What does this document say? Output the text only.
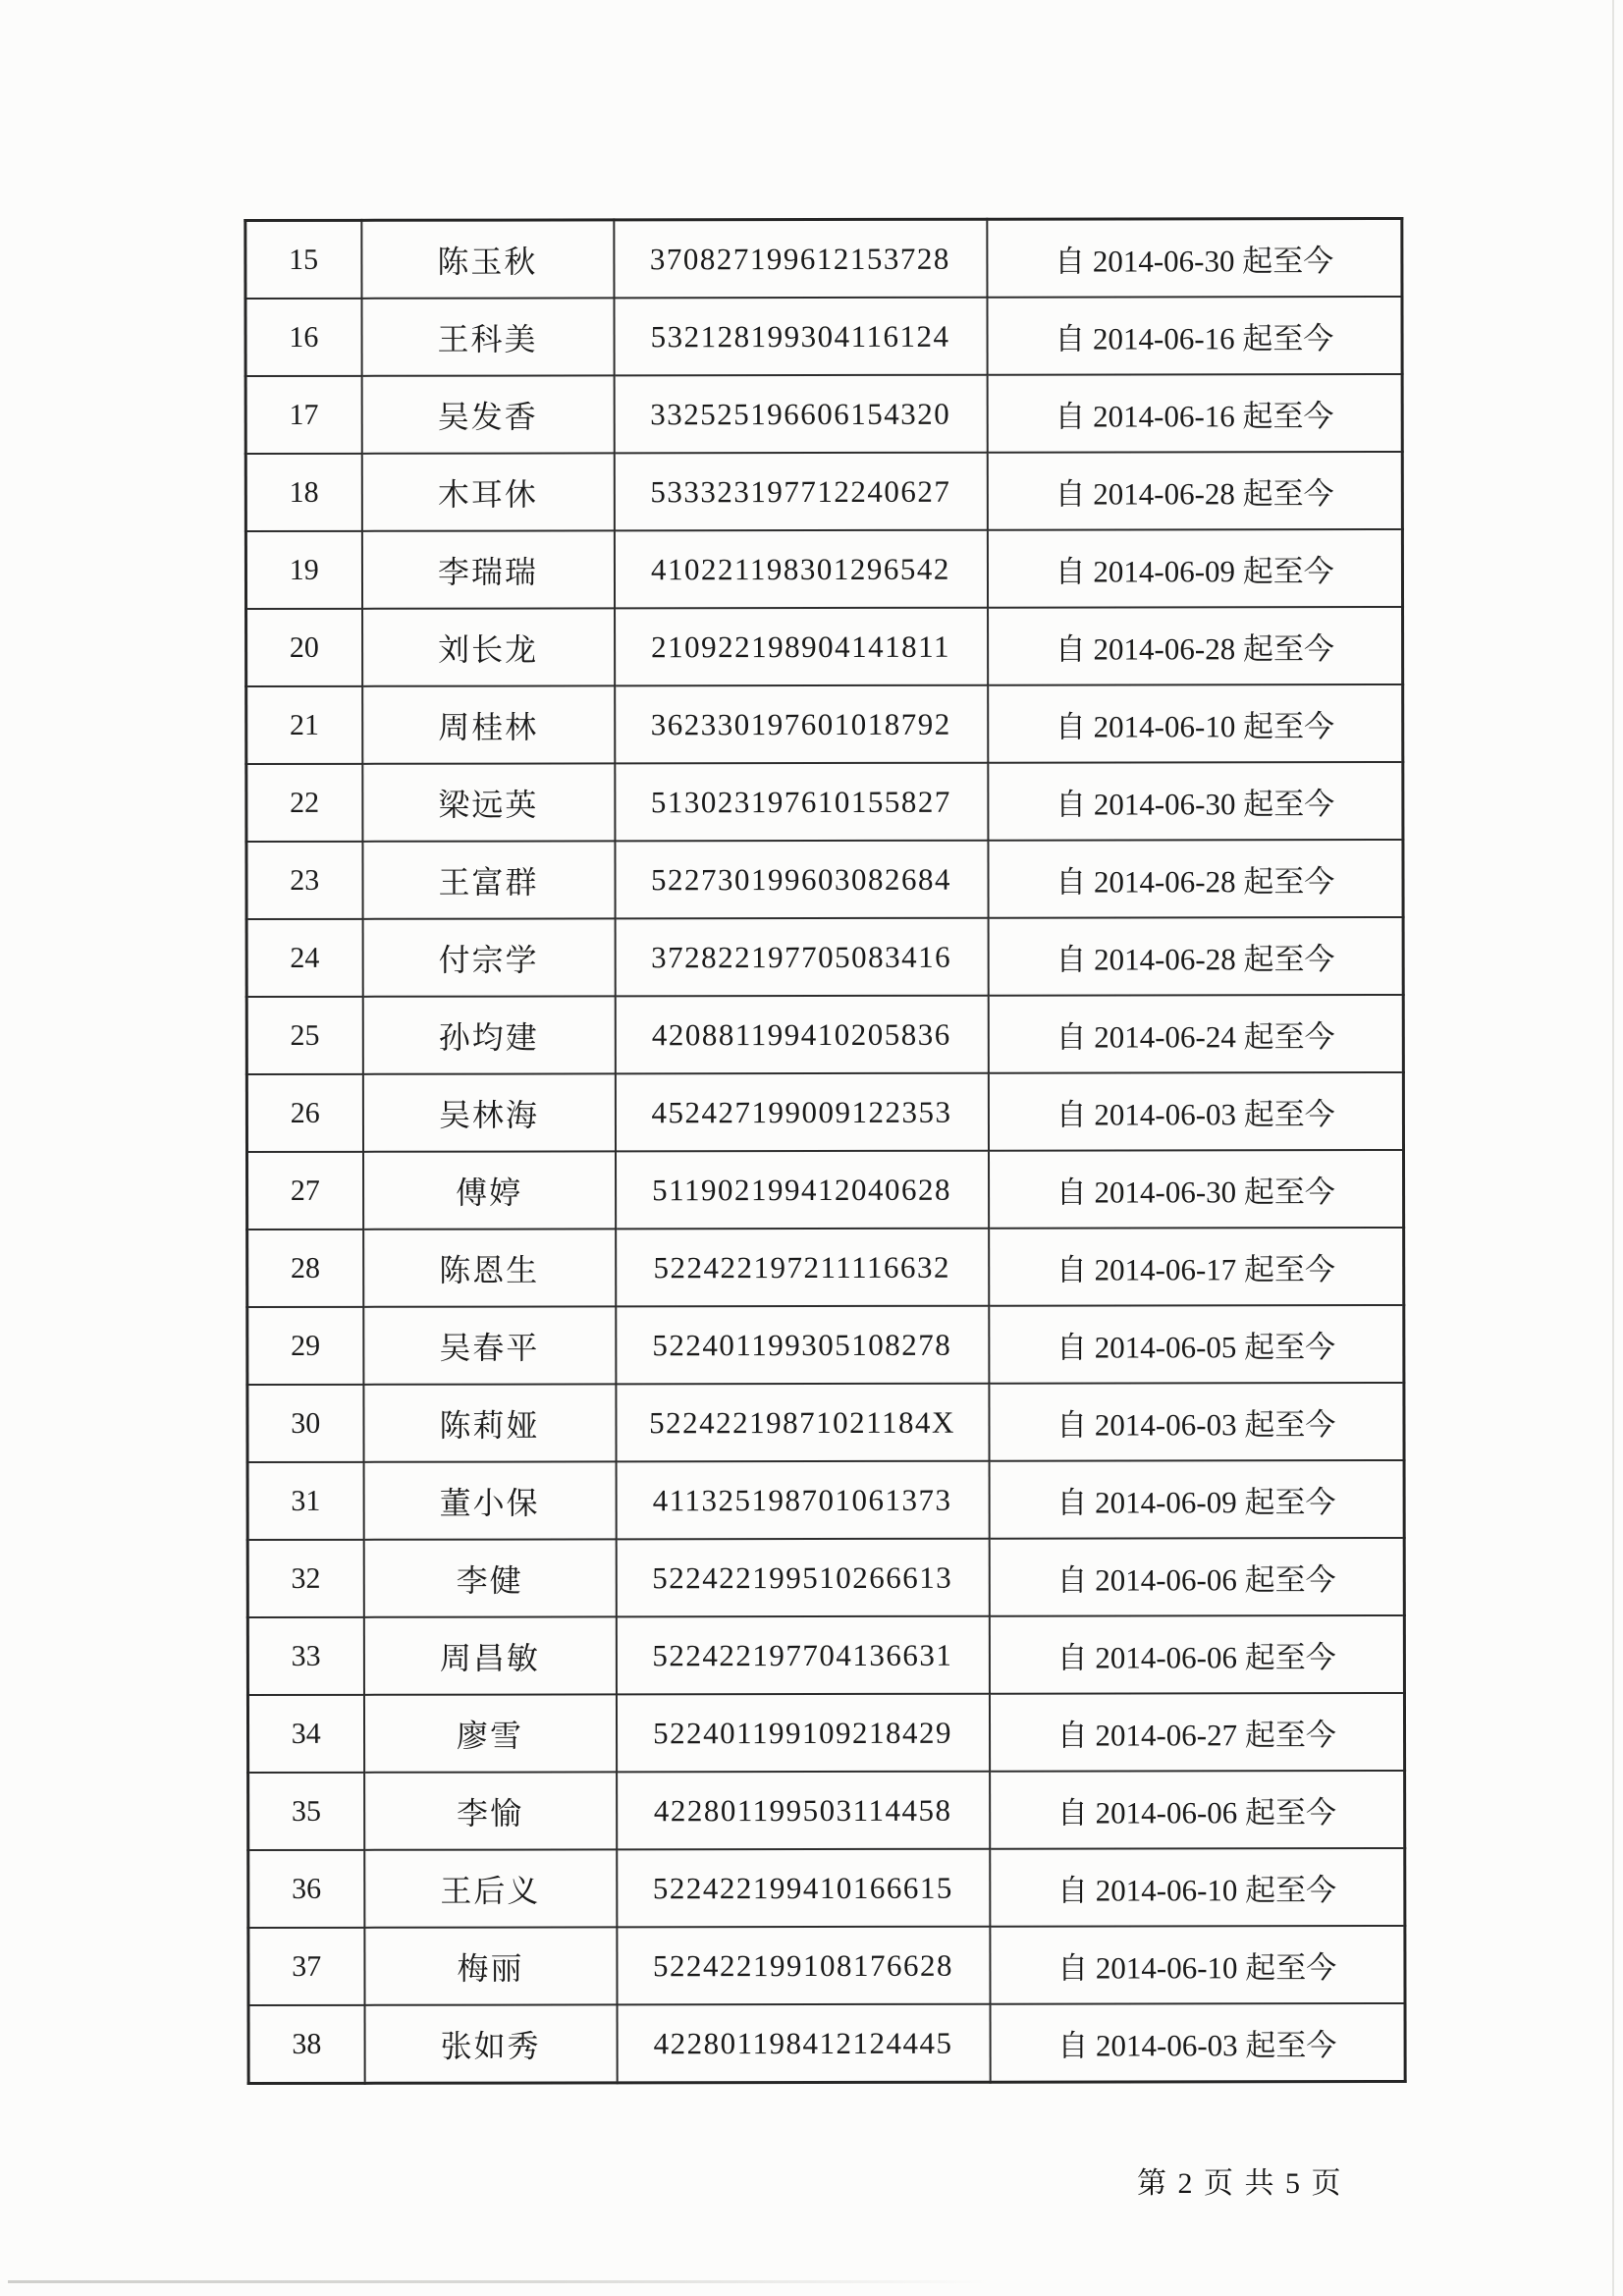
15	陈玉秋	370827199612153728	自 2014-06-30 起至今
16	王科美	532128199304116124	自 2014-06-16 起至今
17	吴发香	332525196606154320	自 2014-06-16 起至今
18	木耳休	533323197712240627	自 2014-06-28 起至今
19	李瑞瑞	410221198301296542	自 2014-06-09 起至今
20	刘长龙	210922198904141811	自 2014-06-28 起至今
21	周桂林	362330197601018792	自 2014-06-10 起至今
22	梁远英	513023197610155827	自 2014-06-30 起至今
23	王富群	522730199603082684	自 2014-06-28 起至今
24	付宗学	372822197705083416	自 2014-06-28 起至今
25	孙均建	420881199410205836	自 2014-06-24 起至今
26	吴林海	452427199009122353	自 2014-06-03 起至今
27	傅婷	511902199412040628	自 2014-06-30 起至今
28	陈恩生	522422197211116632	自 2014-06-17 起至今
29	吴春平	522401199305108278	自 2014-06-05 起至今
30	陈莉娅	52242219871021184X	自 2014-06-03 起至今
31	董小保	411325198701061373	自 2014-06-09 起至今
32	李健	522422199510266613	自 2014-06-06 起至今
33	周昌敏	522422197704136631	自 2014-06-06 起至今
34	廖雪	522401199109218429	自 2014-06-27 起至今
35	李愉	422801199503114458	自 2014-06-06 起至今
36	王后义	522422199410166615	自 2014-06-10 起至今
37	梅丽	522422199108176628	自 2014-06-10 起至今
38	张如秀	422801198412124445	自 2014-06-03 起至今
第 2 页 共 5 页
